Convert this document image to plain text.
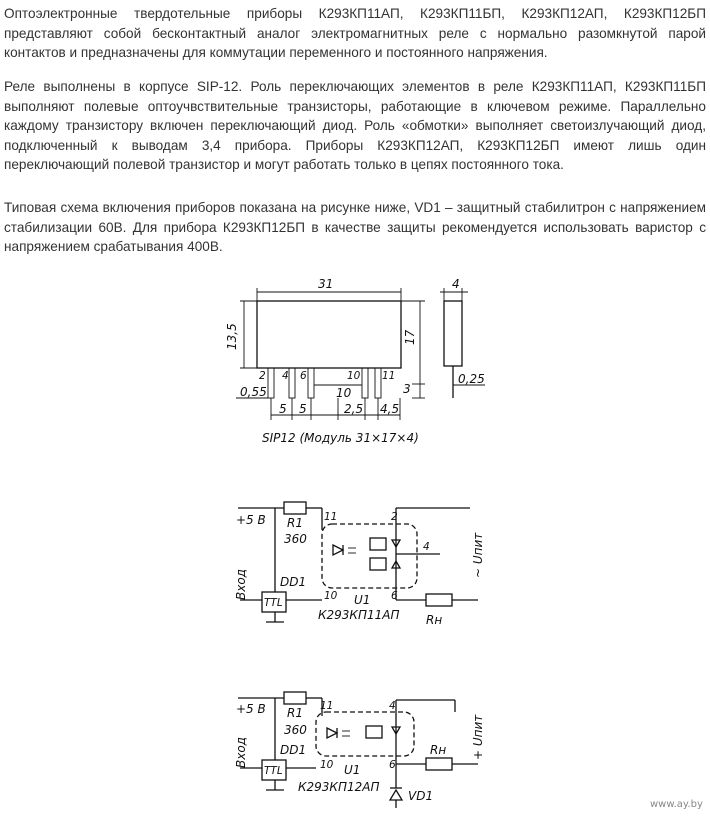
Оптоэлектронные твердотельные приборы К293КП11АП, К293КП11БП, К293КП12АП, К293КП12БП представляют собой бесконтактный аналог электромагнитных реле с нормально разомкнутой парой контактов и предназначены для коммутации переменного и постоянного напряжения.

Реле выполнены в корпусе SIP-12. Роль переключающих элементов в реле К293КП11АП, К293КП11БП выполняют полевые оптоучвствительные транзисторы, работающие в ключевом режиме. Параллельно каждому транзистору включен переключающий диод. Роль «обмотки» выполняет светоизлучающий диод, подключенный к выводам 3,4 прибора. Приборы К293КП12АП, К293КП12БП имеют лишь один переключающий полевой транзистор и могут работать только в цепях постоянного тока.

Типовая схема включения приборов показана на рисунке ниже, VD1 – защитный стабилитрон с напряжением стабилизации 60В. Для прибора К293КП12БП в качестве защиты рекомендуется использовать варистор с напряжением срабатывания 400В.

31
13,5	17
3
2 4 6	10 11
10
0,55
5 5	2,5 4,5
4
0,25
SIP12 (Модуль 31×17×4)
+5 В R1
360
11
10
2
4
6
Rн
~ Uпит
TTL
Вход	DD1
U1
К293КП11АП
+5 В R1
360
11
10
4
6
Rн + Uпит
TTL
Вход	DD1
U1
К293КП12АП
VD1
www.ay.by
